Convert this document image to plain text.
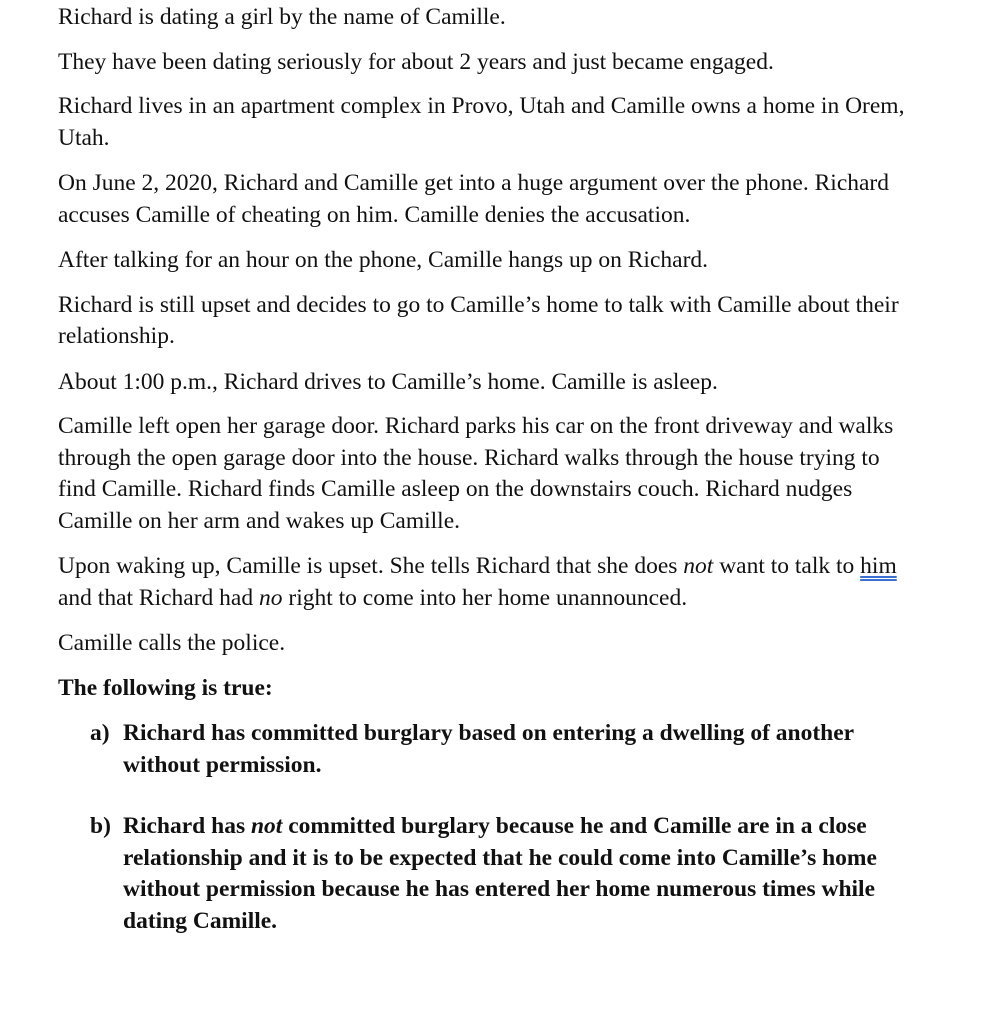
Richard is dating a girl by the name of Camille.

They have been dating seriously for about 2 years and just became engaged.

Richard lives in an apartment complex in Provo, Utah and Camille owns a home in Orem, Utah.

On June 2, 2020, Richard and Camille get into a huge argument over the phone. Richard accuses Camille of cheating on him. Camille denies the accusation.

After talking for an hour on the phone, Camille hangs up on Richard.

Richard is still upset and decides to go to Camille’s home to talk with Camille about their relationship.

About 1:00 p.m., Richard drives to Camille’s home. Camille is asleep.

Camille left open her garage door. Richard parks his car on the front driveway and walks through the open garage door into the house. Richard walks through the house trying to find Camille. Richard finds Camille asleep on the downstairs couch. Richard nudges Camille on her arm and wakes up Camille.

Upon waking up, Camille is upset. She tells Richard that she does not want to talk to him and that Richard had no right to come into her home unannounced.

Camille calls the police.

The following is true:

a) Richard has committed burglary based on entering a dwelling of another without permission.
b) Richard has not committed burglary because he and Camille are in a close relationship and it is to be expected that he could come into Camille’s home without permission because he has entered her home numerous times while dating Camille.
